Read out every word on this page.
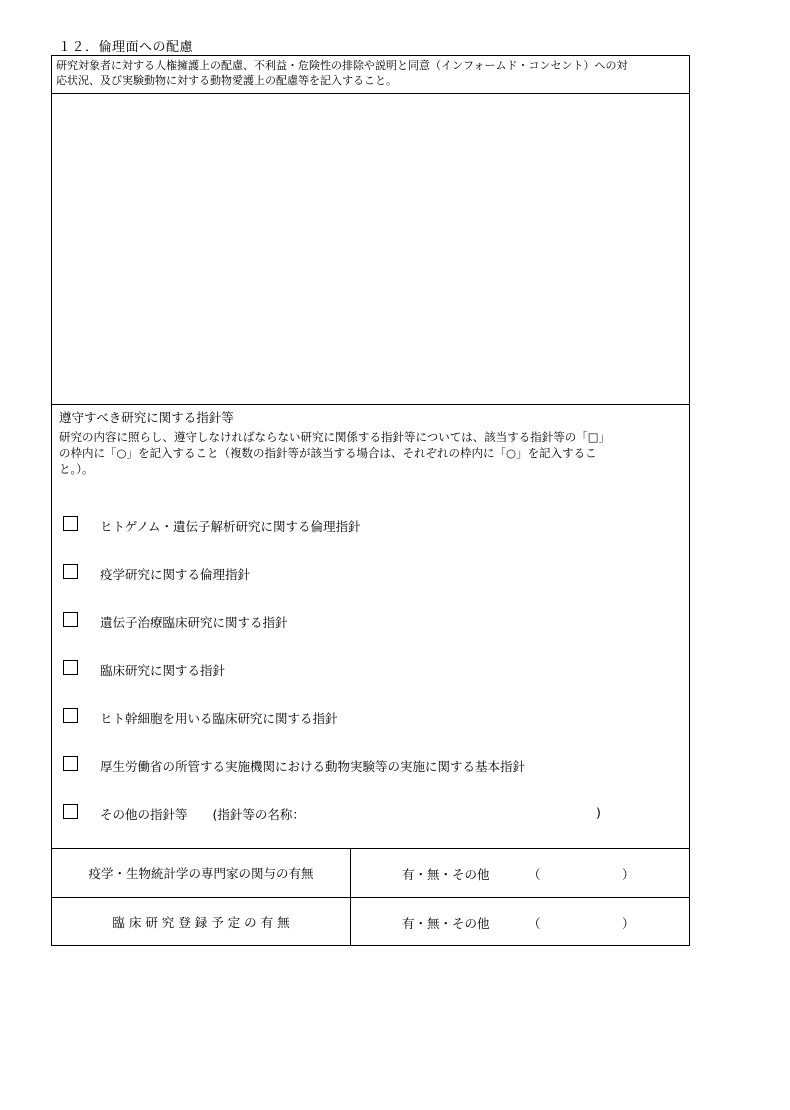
１２．倫理面への配慮
研究対象者に対する人権擁護上の配慮、不利益・危険性の排除や説明と同意（インフォームド・コンセント）への対
応状況、及び実験動物に対する動物愛護上の配慮等を記入すること。
遵守すべき研究に関する指針等
研究の内容に照らし、遵守しなければならない研究に関係する指針等については、該当する指針等の「□」
の枠内に「○」を記入すること（複数の指針等が該当する場合は、それぞれの枠内に「○」を記入するこ
と。）。
ヒトゲノム・遺伝子解析研究に関する倫理指針
疫学研究に関する倫理指針
遺伝子治療臨床研究に関する指針
臨床研究に関する指針
ヒト幹細胞を用いる臨床研究に関する指針
厚生労働省の所管する実施機関における動物実験等の実施に関する基本指針
その他の指針等　　(指針等の名称：	)
疫学・生物統計学の専門家の関与の有無	有・無・その他	（	）
臨 床 研 究 登 録 予 定 の 有 無	有・無・その他	（	）
